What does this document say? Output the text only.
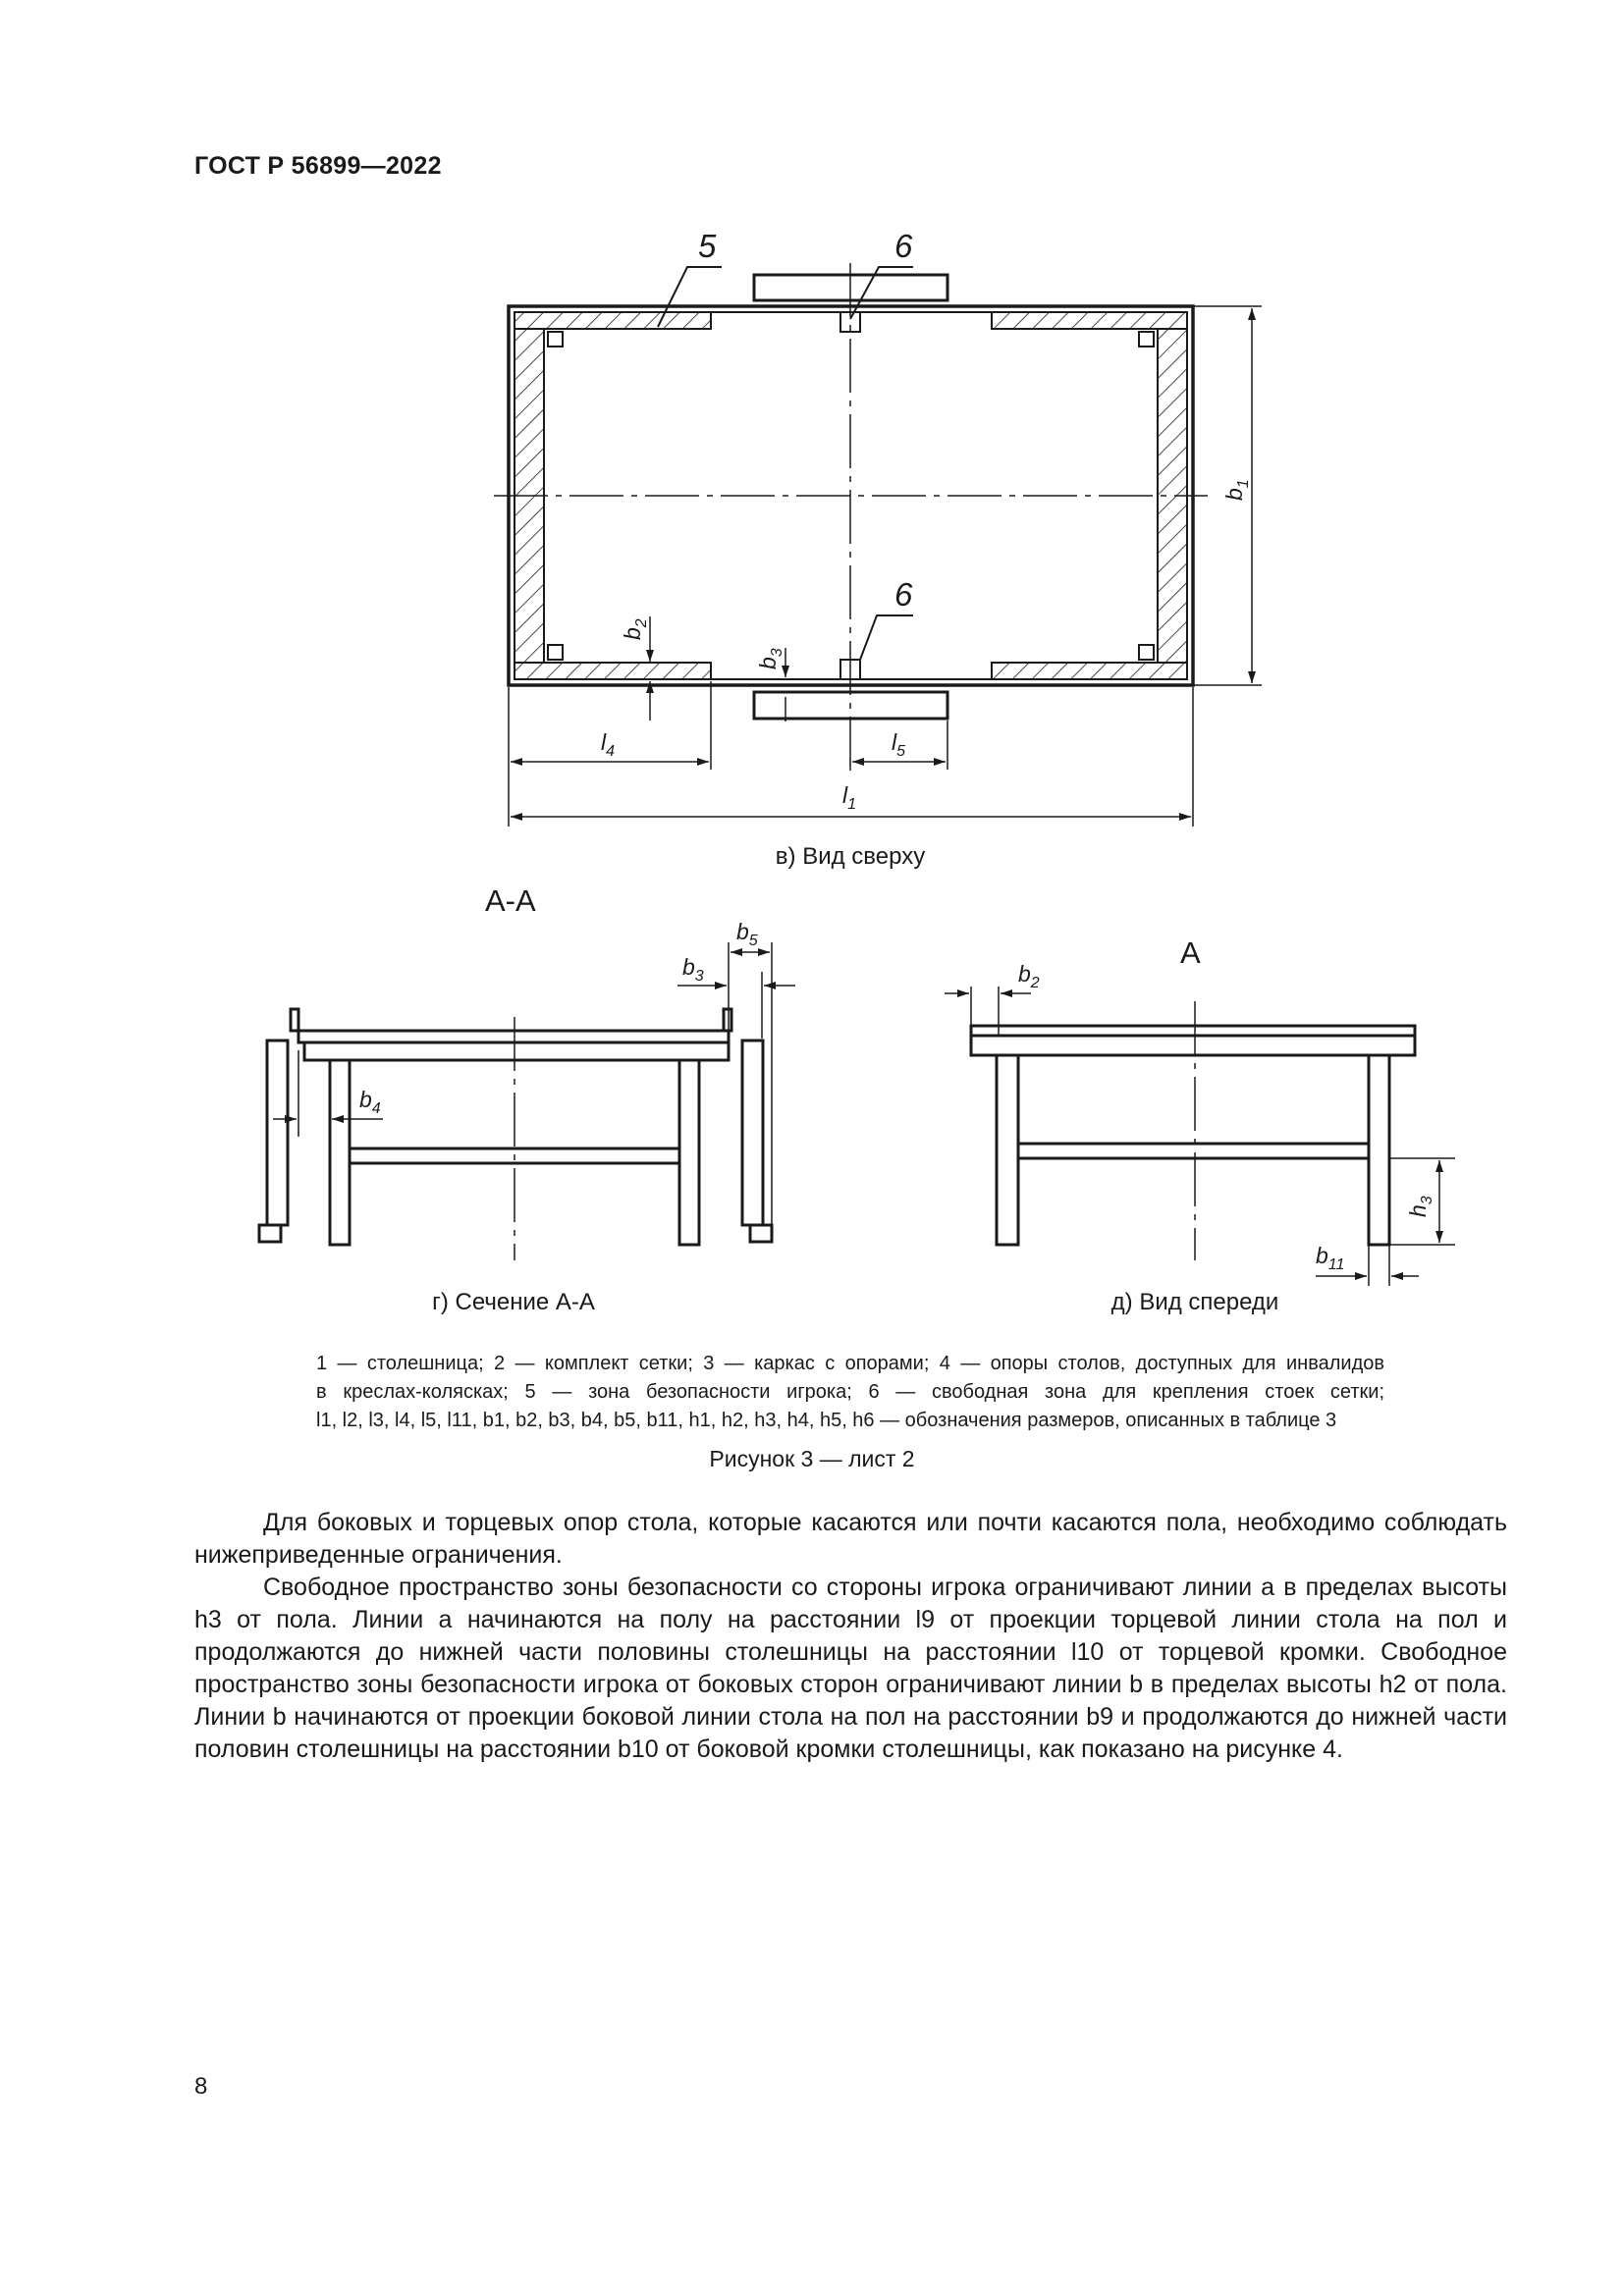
ГОСТ Р 56899—2022
5	6
6
$b_1$
$b_2$
$b_3$
$l_4$	$l_5$
$l_1$
в) Вид сверху
А-А
$b_5$
$b_3$
$b_4$
г) Сечение А-А
А
$b_2$
$h_3$
$b_{11}$
д) Вид спереди
1 — столешница; 2 — комплект сетки; 3 — каркас с опорами; 4 — опоры столов, доступных для инвалидов
в креслах-колясках; 5 — зона безопасности игрока; 6 — свободная зона для крепления стоек сетки;
l1, l2, l3, l4, l5, l11, b1, b2, b3, b4, b5, b11, h1, h2, h3, h4, h5, h6 — обозначения размеров, описанных в таблице 3
Рисунок 3 — лист 2

Для боковых и торцевых опор стола, которые касаются или почти касаются пола, необходимо соблюдать нижеприведенные ограничения.

Свободное пространство зоны безопасности со стороны игрока ограничивают линии a в пределах высоты h3 от пола. Линии a начинаются на полу на расстоянии l9 от проекции торцевой линии стола на пол и продолжаются до нижней части половины столешницы на расстоянии l10 от торцевой кромки. Свободное пространство зоны безопасности игрока от боковых сторон ограничивают линии b в пределах высоты h2 от пола. Линии b начинаются от проекции боковой линии стола на пол на расстоянии b9 и продолжаются до нижней части половин столешницы на расстоянии b10 от боковой кромки столешницы, как показано на рисунке 4.

8
